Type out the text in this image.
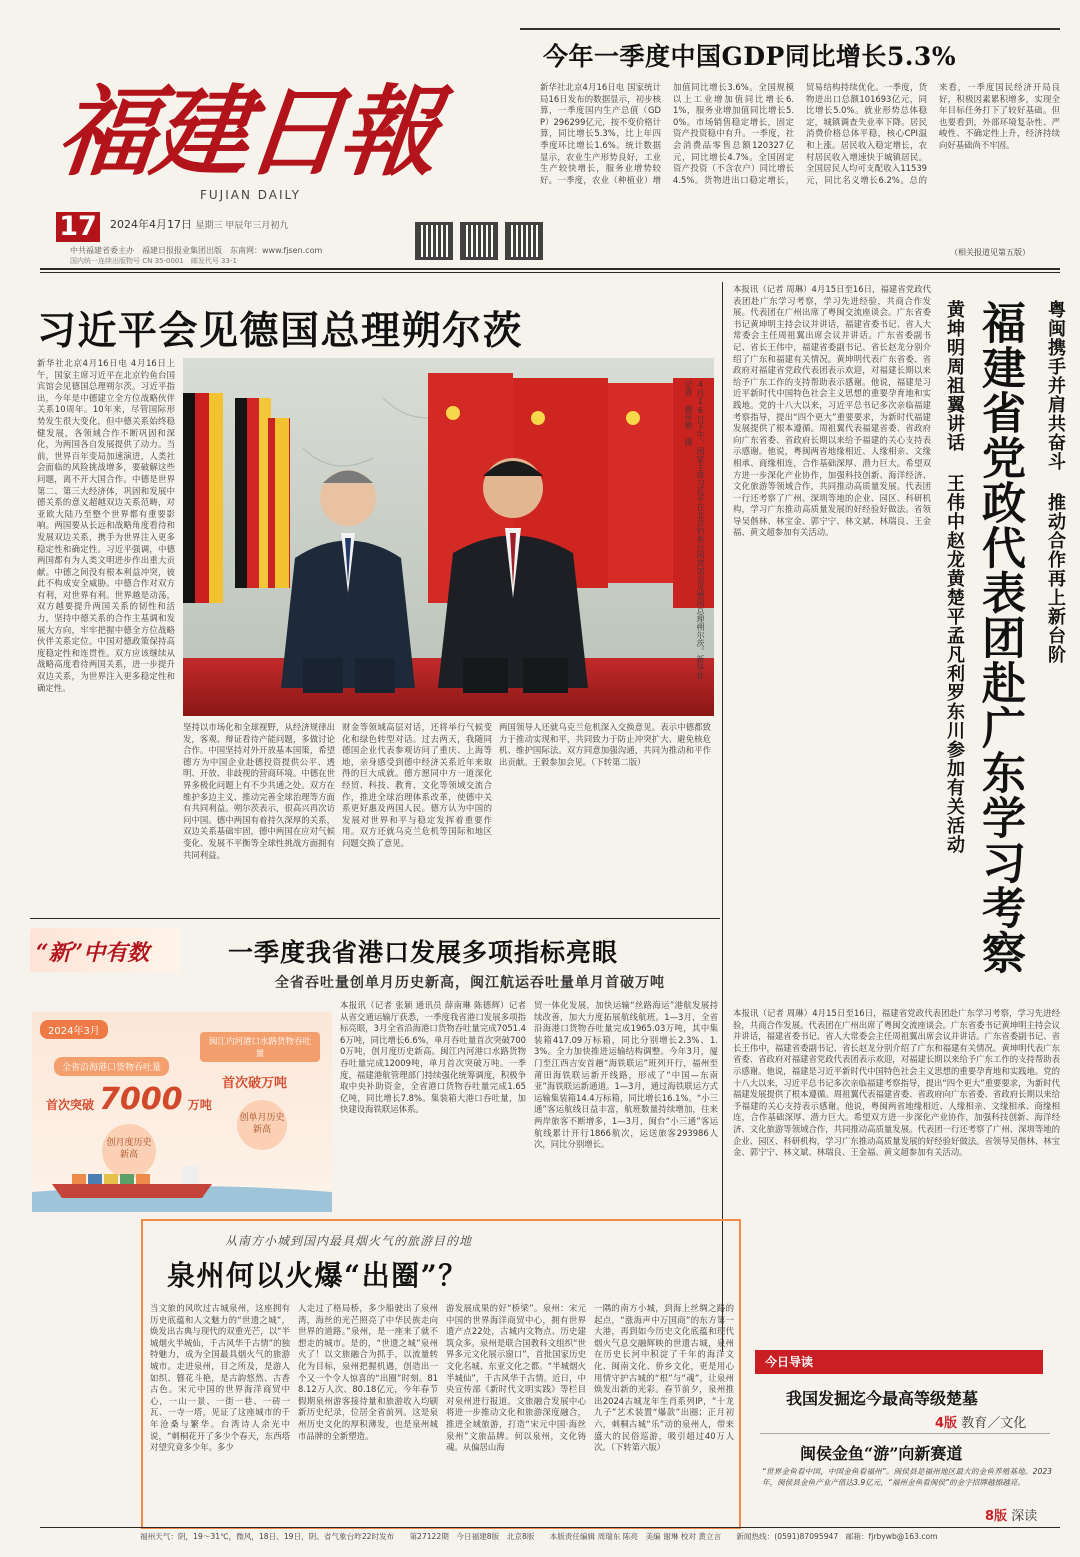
福建日報
FUJIAN DAILY
17 2024年4月17日 星期三 甲辰年三月初九
中共福建省委主办　福建日报报业集团出版　东南网：www.fjsen.com
国内统一连续出版物号 CN 35-0001　邮发代号 33-1
今年一季度中国GDP同比增长5.3%
新华社北京4月16日电 国家统计局16日发布的数据显示，初步核算，一季度国内生产总值（GDP）296299亿元，按不变价格计算，同比增长5.3%，比上年四季度环比增长1.6%。统计数据显示，农业生产形势良好，工业生产较快增长，服务业增势较好。一季度，农业（种植业）增加值同比增长3.6%。全国规模以上工业增加值同比增长6.1%，服务业增加值同比增长5.0%。市场销售稳定增长，固定资产投资稳中有升。一季度，社会消费品零售总额120327亿元，同比增长4.7%。全国固定资产投资（不含农户）同比增长4.5%。货物进出口稳定增长，贸易结构持续优化。一季度，货物进出口总额101693亿元，同比增长5.0%。就业形势总体稳定，城镇调查失业率下降。居民消费价格总体平稳，核心CPI温和上涨。居民收入稳定增长，农村居民收入增速快于城镇居民。全国居民人均可支配收入11539元，同比名义增长6.2%。总的来看，一季度国民经济开局良好，积极因素累积增多，实现全年目标任务打下了较好基础。但也要看到，外部环境复杂性、严峻性、不确定性上升，经济持续向好基础尚不牢固。
（相关报道见第五版）
习近平会见德国总理朔尔茨
新华社北京4月16日电 4月16日上午，国家主席习近平在北京钓鱼台国宾馆会见德国总理朔尔茨。习近平指出，今年是中德建立全方位战略伙伴关系10周年。10年来，尽管国际形势发生很大变化，但中德关系始终稳健发展，各领域合作不断巩固和深化，为两国各自发展提供了动力。当前，世界百年变局加速演进，人类社会面临的风险挑战增多，要破解这些问题，离不开大国合作。中德是世界第二、第三大经济体，巩固和发展中德关系的意义超越双边关系范畴，对亚欧大陆乃至整个世界都有重要影响。两国要从长远和战略角度看待和发展双边关系，携手为世界注入更多稳定性和确定性。习近平强调，中德两国都有为人类文明进步作出重大贡献。中德之间没有根本利益冲突，彼此不构成安全威胁。中德合作对双方有利，对世界有利。世界越是动荡，双方越要提升两国关系的韧性和活力，坚持中德关系的合作主基调和发展大方向，牢牢把握中德全方位战略伙伴关系定位。中国对德政策保持高度稳定性和连贯性。双方应该继续从战略高度看待两国关系，进一步提升双边关系，为世界注入更多稳定性和确定性。
4月16日下午，国家主席习近平在北京钓鱼台国宾馆会见德国总理朔尔茨。新华社记者 谢环驰 摄
坚持以市场化和全球视野，从经济规律出发，客观、辩证看待产能问题，多做讨论合作。中国坚持对外开放基本国策，希望德方为中国企业赴德投资提供公平、透明、开放、非歧视的营商环境。中德在世界多极化问题上有不少共通之处。双方在维护多边主义、推动完善全球治理等方面有共同利益。朔尔茨表示，很高兴再次访问中国。德中两国有着持久深厚的关系，双边关系基础牢固，德中两国在应对气候变化、发展不平衡等全球性挑战方面拥有共同利益。
财金等领域高层对话，还将举行气候变化和绿色转型对话。过去两天，我随同德国企业代表参观访问了重庆、上海等地，亲身感受到德中经济关系近年来取得的巨大成就。德方愿同中方一道深化经贸、科技、教育、文化等领域交流合作，推进全球治理体系改革，使德中关系更好惠及两国人民。德方认为中国的发展对世界和平与稳定发挥着重要作用。双方还就乌克兰危机等国际和地区问题交换了意见。
两国领导人还就乌克兰危机深入交换意见。表示中德都致力于推动实现和平，共同致力于防止冲突扩大、避免核危机、维护国际法。双方同意加强沟通，共同为推动和平作出贡献。王毅参加会见。（下转第二版）
本报讯（记者 周琳）4月15日至16日，福建省党政代表团赴广东学习考察，学习先进经验，共商合作发展。代表团在广州出席了粤闽交流座谈会。广东省委书记黄坤明主持会议并讲话，福建省委书记、省人大常委会主任周祖翼出席会议并讲话。广东省委副书记、省长王伟中，福建省委副书记、省长赵龙分别介绍了广东和福建有关情况。黄坤明代表广东省委、省政府对福建省党政代表团表示欢迎，对福建长期以来给予广东工作的支持帮助表示感谢。他说，福建是习近平新时代中国特色社会主义思想的重要孕育地和实践地。党的十八大以来，习近平总书记多次亲临福建考察指导，提出“四个更大”重要要求，为新时代福建发展提供了根本遵循。周祖翼代表福建省委、省政府向广东省委、省政府长期以来给予福建的关心支持表示感谢。他说，粤闽两省地缘相近、人缘相亲、文缘相承、商缘相连，合作基础深厚、潜力巨大。希望双方进一步深化产业协作，加强科技创新、海洋经济、文化旅游等领域合作，共同推动高质量发展。代表团一行还考察了广州、深圳等地的企业、园区、科研机构，学习广东推动高质量发展的好经验好做法。省领导吴偕林、林宝金、郭宁宁、林文斌、林瑞良、王金福、黄文超参加有关活动。	福建省党政代表团赴广东学习考察	粤闽携手并肩共奋斗 推动合作再上新台阶
黄坤明周祖翼讲话 王伟中赵龙黄楚平孟凡利罗东川参加有关活动
本报讯（记者 周琳）4月15日至16日，福建省党政代表团赴广东学习考察，学习先进经验，共商合作发展。代表团在广州出席了粤闽交流座谈会。广东省委书记黄坤明主持会议并讲话，福建省委书记、省人大常委会主任周祖翼出席会议并讲话。广东省委副书记、省长王伟中，福建省委副书记、省长赵龙分别介绍了广东和福建有关情况。黄坤明代表广东省委、省政府对福建省党政代表团表示欢迎，对福建长期以来给予广东工作的支持帮助表示感谢。他说，福建是习近平新时代中国特色社会主义思想的重要孕育地和实践地。党的十八大以来，习近平总书记多次亲临福建考察指导，提出“四个更大”重要要求，为新时代福建发展提供了根本遵循。周祖翼代表福建省委、省政府向广东省委、省政府长期以来给予福建的关心支持表示感谢。他说，粤闽两省地缘相近、人缘相亲、文缘相承、商缘相连，合作基础深厚、潜力巨大。希望双方进一步深化产业协作，加强科技创新、海洋经济、文化旅游等领域合作，共同推动高质量发展。代表团一行还考察了广州、深圳等地的企业、园区、科研机构，学习广东推动高质量发展的好经验好做法。省领导吴偕林、林宝金、郭宁宁、林文斌、林瑞良、王金福、黄文超参加有关活动。
“新”中有数	一季度我省港口发展多项指标亮眼
全省吞吐量创单月历史新高，闽江航运吞吐量单月首破万吨
2024年3月
全省沿海港口货物吞吐量
首次突破 7000 万吨
创月度历史新高
闽江内河港口水路货物吞吐量
首次破万吨
创单月历史新高
本报讯（记者 张颖 通讯员 薛南琳 陈德辉）记者从省交通运输厅获悉，一季度我省港口发展多项指标亮眼，3月全省沿海港口货物吞吐量完成7051.46万吨，同比增长6.6%，单月吞吐量首次突破7000万吨，创月度历史新高。闽江内河港口水路货物吞吐量完成12009吨，单月首次突破万吨。一季度，福建港航管理部门持续强化统筹调度，积极争取中央补助资金，全省港口货物吞吐量完成1.65亿吨，同比增长7.8%。集装箱大港口吞吐量，加快建设海铁联运体系。
贸一体化发展，加快运输“丝路海运”港航发展持续改善，加大力度拓展航线航班。1—3月，全省沿海港口货物吞吐量完成1965.03万吨，其中集装箱417.09万标箱，同比分别增长2.3%、1.3%。全力加快推进运输结构调整。今年3月，厦门至江西吉安首趟“海铁联运”班列开行，福州至莆田海铁联运新开线路，形成了“中国—东南亚”海铁联运新通道。1—3月，通过海铁联运方式运输集装箱14.4万标箱，同比增长16.1%。“小三通”客运航线日益丰富，航班数量持续增加，往来两岸旅客不断增多，1—3月，闽台“小三通”客运航线累计开行1866航次，运送旅客293986人次，同比分别增长。
从南方小城到国内最具烟火气的旅游目的地
泉州何以火爆“出圈”？
当文旅的风吹过古城泉州，这座拥有历史底蕴和人文魅力的“世遗之城”，焕发出古典与现代的双重光芒，以“半城烟火半城仙，千古风华千古情”的独特魅力，成为全国最具烟火气的旅游城市。走进泉州，目之所及，是游人如织、簪花斗艳，是古韵悠然、古香古色。宋元中国的世界海洋商贸中心，一山一景、一街一巷、一砖一瓦、一寺一塔，见证了这座城市的千年沧桑与繁华。台湾诗人余光中说，“刺桐花开了多少个春天，东西塔对望究竟多少年。多少
人走过了格局桥，多少船驶出了泉州湾，海丝的光芒照亮了中华民族走向世界的道路。”泉州，是一座来了就不想走的城市。是的，“世遗之城”泉州火了！以文旅融合为抓手，以流量转化为目标，泉州把握机遇，创造出一个又一个令人惊喜的“出圈”时刻。818.12万人次、80.18亿元，今年春节假期泉州游客接待量和旅游收入均刷新历史纪录，位居全省前列。这是泉州历史文化的厚积薄发，也是泉州城市品牌的全新塑造。
游发展成果的好“桥梁”。泉州：宋元中国的世界海洋商贸中心，拥有世界遗产点22处，古城内文物点、历史建筑众多。泉州是联合国教科文组织“世界多元文化展示窗口”，首批国家历史文化名城、东亚文化之都。“半城烟火半城仙”，千古风华千古情。近日，中央宣传部《新时代文明实践》等栏目对泉州进行报道。文旅融合发展中心将进一步推动文化和旅游深度融合，推进全域旅游，打造“宋元中国·海丝泉州”文旅品牌。何以泉州，文化铸魂。从偏居山海
一隅的南方小城，到海上丝绸之路的起点，“涨海声中万国商”的东方第一大港，再到如今历史文化底蕴和现代烟火气息交融辉映的世遗古城，泉州在历史长河中积淀了千年的海洋文化、闽南文化、侨乡文化，更是用心用情守护古城的“根”与“魂”，让泉州焕发出新的光彩。春节前夕，泉州推出2024古城龙年生肖系列IP，“十龙九子”艺术装置“爆款”出圈；正月初六，刺桐古城“乐”动的泉州人，带来盛大的民俗巡游，吸引超过40万人次。（下转第六版）
今日导读
我国发掘迄今最高等级楚墓
4版 教育／文化
闽侯金鱼“游”向新赛道
“世界金鱼看中国，中国金鱼看福州”。闽侯县是福州地区最大的金鱼养殖基地。2023年，闽侯县金鱼产业产值达3.9亿元，“福州金鱼看闽侯”的金字招牌越擦越亮。
8版 深读
福州天气：阴，19～31℃，微风，18日、19日，阴。省气象台昨22时发布　　第27122期　今日福建8版　北京8版　　本版责任编辑 周瑞东 陈亮　美编 谢琳 校对 黄立言　　新闻热线：(0591)87095947　邮箱：fjrbywb@163.com
